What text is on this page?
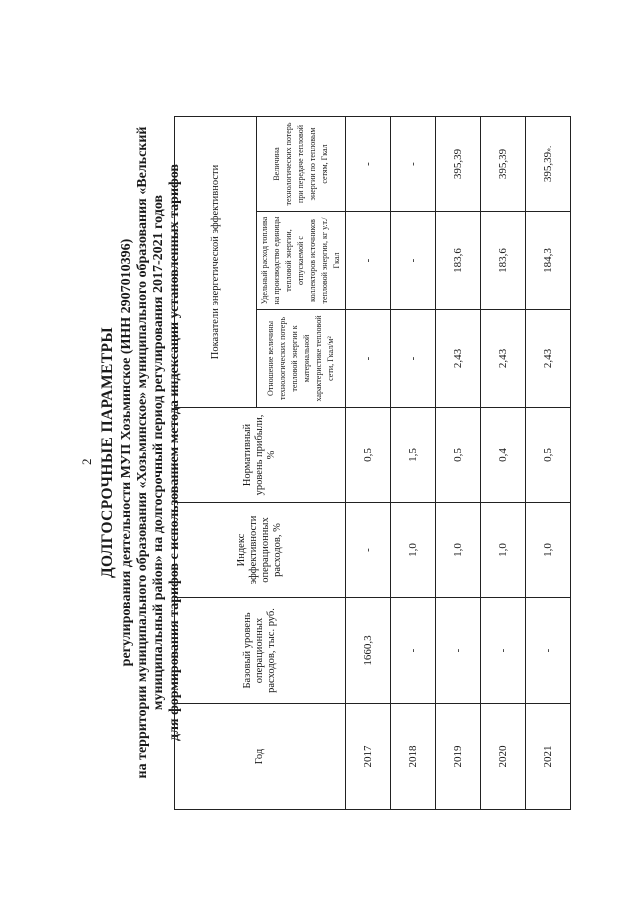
2 ДОЛГОСРОЧНЫЕ ПАРАМЕТРЫ регулирования деятельности МУП Хозьминское (ИНН 2907010396) на территории муниципального образования «Хозьминское» муниципального образования «Вельский муниципальный район» на долгосрочный период регулирования 2017-2021 годов для формирования тарифов с использованием метода индексации установленных тарифов
Год	Базовый уровень операционных расходов, тыс. руб.	Индекс эффективности операционных расходов, %	Нормативный уровень прибыли, %	Показатели энергетической эффективности		
				Отношение величины технологических потерь тепловой энергии к материальной характеристике тепловой сети, Гкал/м²	Удельный расход топлива на производство единицы тепловой энергии, отпускаемой с коллекторов источников тепловой энергии, кг у.т./Гкал	Величина технологических потерь при передаче тепловой энергии по тепловым сетям, Гкал
2017	1660,3	-	0,5	-	-	-
2018	-	1,0	1,5	-	-	-
2019	-	1,0	0,5	2,43	183,6	395,39
2020	-	1,0	0,4	2,43	183,6	395,39
2021	-	1,0	0,5	2,43	184,3	395,39».
